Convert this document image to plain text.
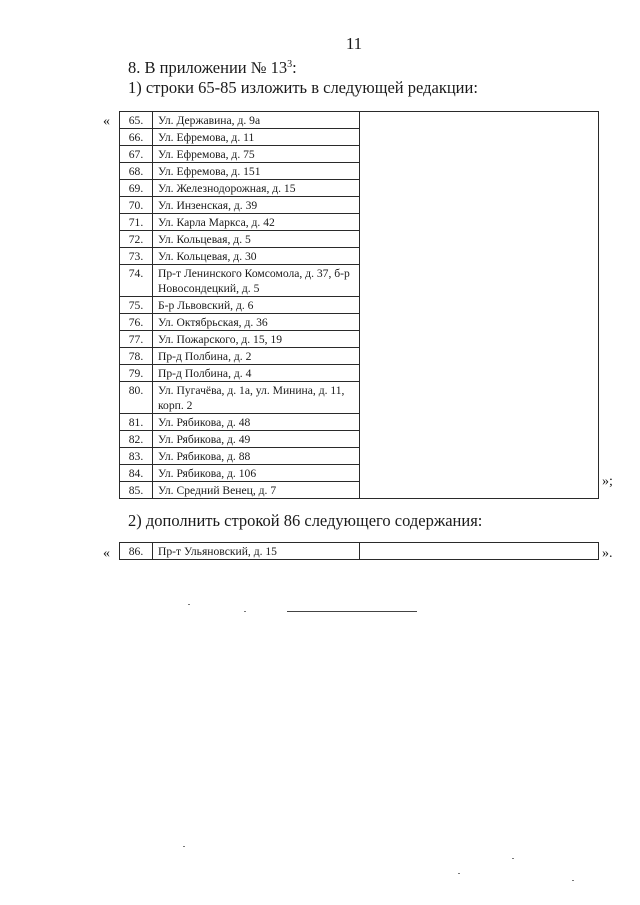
11
8. В приложении № $13^3$:
1) строки 65-85 изложить в следующей редакции:
« 65.	Ул. Державина, д. 9а	
66.	Ул. Ефремова, д. 11	
67.	Ул. Ефремова, д. 75	
68.	Ул. Ефремова, д. 151	
69.	Ул. Железнодорожная, д. 15	
70.	Ул. Инзенская, д. 39	
71.	Ул. Карла Маркса, д. 42	
72.	Ул. Кольцевая, д. 5	
73.	Ул. Кольцевая, д. 30	
74.	Пр-т Ленинского Комсомола, д. 37, б-р Новосондецкий, д. 5	
75.	Б-р Львовский, д. 6	
76.	Ул. Октябрьская, д. 36	
77.	Ул. Пожарского, д. 15, 19	
78.	Пр-д Полбина, д. 2	
79.	Пр-д Полбина, д. 4	
80.	Ул. Пугачёва, д. 1а, ул. Минина, д. 11, корп. 2	
81.	Ул. Рябикова, д. 48	
82.	Ул. Рябикова, д. 49	
83.	Ул. Рябикова, д. 88	
84.	Ул. Рябикова, д. 106	
85.	Ул. Средний Венец, д. 7	
»;
2) дополнить строкой 86 следующего содержания:
« 86.	Пр-т Ульяновский, д. 15		».
